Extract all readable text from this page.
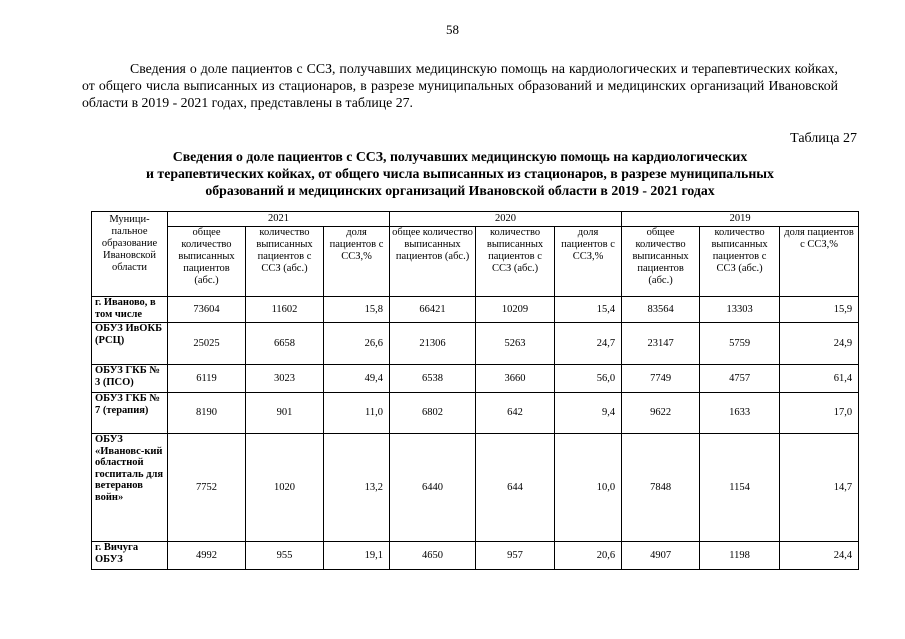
58

Сведения о доле пациентов с ССЗ, получавших медицинскую помощь на кардиологических и терапевтических койках, от общего числа выписанных из стационаров, в разрезе муниципальных образований и медицинских организаций Ивановской области в 2019 - 2021 годах, представлены в таблице 27.

Таблица 27
Сведения о доле пациентов с ССЗ, получавших медицинскую помощь на кардиологических
и терапевтических койках, от общего числа выписанных из стационаров, в разрезе муниципальных
образований и медицинских организаций Ивановской области в 2019 - 2021 годах
Муници-пальное образование Ивановской области	2021			2020			2019		
	общее количество выписанных пациентов (абс.)	количество выписанных пациентов с ССЗ (абс.)	доля пациентов с ССЗ,%	общее количество выписанных пациентов (абс.)	количество выписанных пациентов с ССЗ (абс.)	доля пациентов с ССЗ,%	общее количество выписанных пациентов (абс.)	количество выписанных пациентов с ССЗ (абс.)	доля пациентов с ССЗ,%
г. Иваново, в том числе	73604	11602	15,8	66421	10209	15,4	83564	13303	15,9
ОБУЗ ИвОКБ (РСЦ)	25025	6658	26,6	21306	5263	24,7	23147	5759	24,9
ОБУЗ ГКБ № 3 (ПСО)	6119	3023	49,4	6538	3660	56,0	7749	4757	61,4
ОБУЗ ГКБ № 7 (терапия)	8190	901	11,0	6802	642	9,4	9622	1633	17,0
ОБУЗ «Ивановс-кий областной госпиталь для ветеранов войн»	7752	1020	13,2	6440	644	10,0	7848	1154	14,7
г. Вичуга ОБУЗ	4992	955	19,1	4650	957	20,6	4907	1198	24,4
